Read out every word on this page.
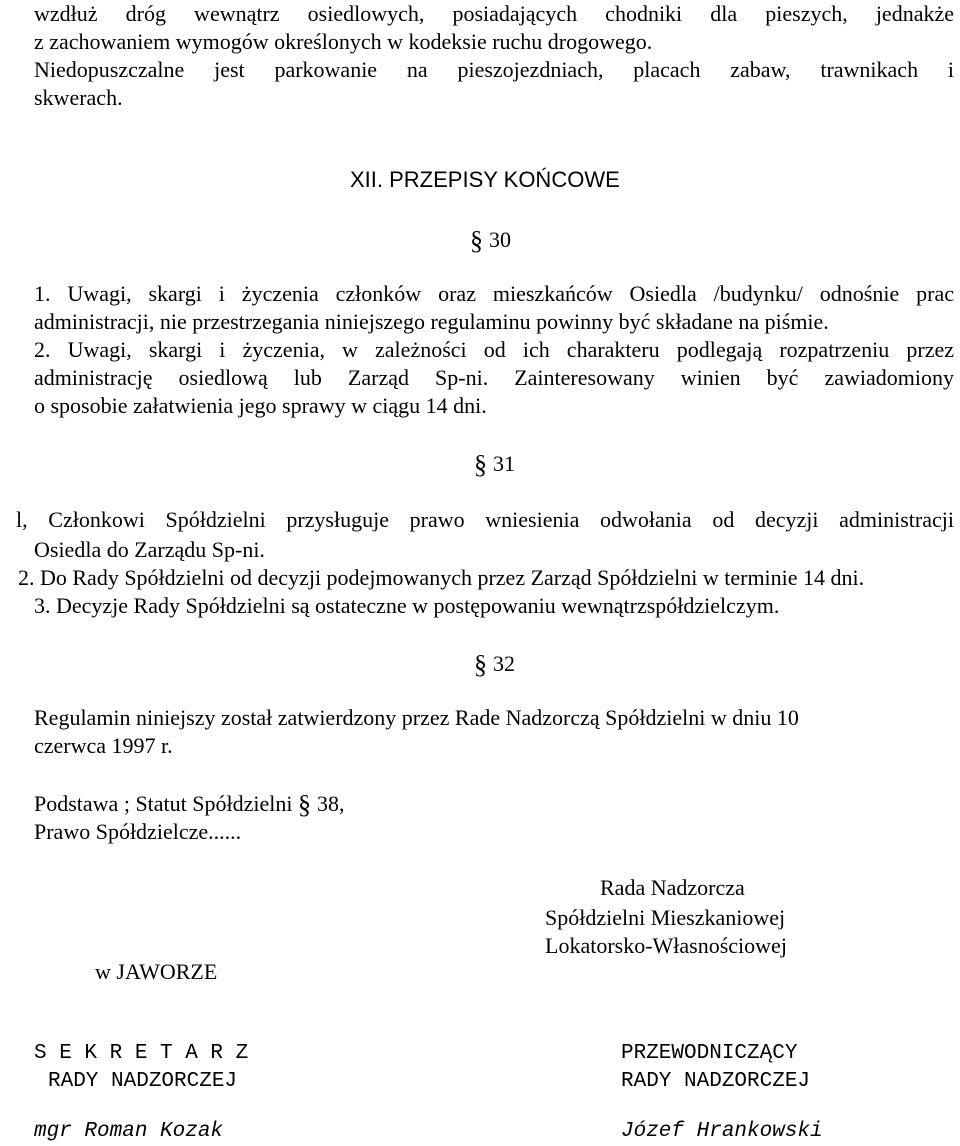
wzdłuż dróg wewnątrz osiedlowych, posiadających chodniki dla pieszych, jednakże
z zachowaniem wymogów określonych w kodeksie ruchu drogowego.
Niedopuszczalne jest parkowanie na pieszojezdniach, placach zabaw, trawnikach i
skwerach.
XII. PRZEPISY KOŃCOWE
§ 30
1. Uwagi, skargi i życzenia członków oraz mieszkańców Osiedla /budynku/ odnośnie prac
administracji, nie przestrzegania niniejszego regulaminu powinny być składane na piśmie.
2. Uwagi, skargi i życzenia, w zależności od ich charakteru podlegają rozpatrzeniu przez
administrację osiedlową lub Zarząd Sp-ni. Zainteresowany winien być zawiadomiony
o sposobie załatwienia jego sprawy w ciągu 14 dni.
§ 31
l, Członkowi Spółdzielni przysługuje prawo wniesienia odwołania od decyzji administracji
Osiedla do Zarządu Sp-ni.
2. Do Rady Spółdzielni od decyzji podejmowanych przez Zarząd Spółdzielni w terminie 14 dni.
3. Decyzje Rady Spółdzielni są ostateczne w postępowaniu wewnątrzspółdzielczym.
§ 32
Regulamin niniejszy został zatwierdzony przez Rade Nadzorczą Spółdzielni w dniu 10
czerwca 1997 r.
Podstawa ; Statut Spółdzielni § 38,
Prawo Spółdzielcze......
Rada Nadzorcza
Spółdzielni Mieszkaniowej
Lokatorsko-Własnościowej
w JAWORZE
S E K R E T A R Z
RADY NADZORCZEJ
mgr Roman Kozak
PRZEWODNICZĄCY
RADY NADZORCZEJ
Józef Hrankowski
